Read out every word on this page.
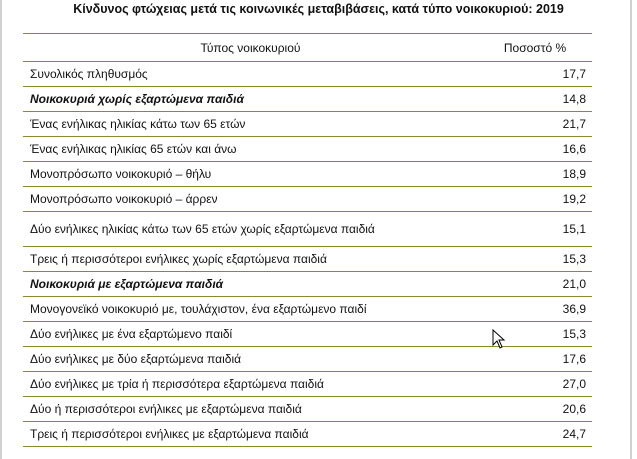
Κίνδυνος φτώχειας μετά τις κοινωνικές μεταβιβάσεις, κατά τύπο νοικοκυριού: 2019
Τύπος νοικοκυριού	Ποσοστό %
Συνολικός πληθυσμός	17,7
Νοικοκυριά χωρίς εξαρτώμενα παιδιά	14,8
Ένας ενήλικας ηλικίας κάτω των 65 ετών	21,7
Ένας ενήλικας ηλικίας 65 ετών και άνω	16,6
Μονοπρόσωπο νοικοκυριό – θήλυ	18,9
Μονοπρόσωπο νοικοκυριό – άρρεν	19,2
Δύο ενήλικες ηλικίας κάτω των 65 ετών χωρίς εξαρτώμενα παιδιά	15,1
Τρεις ή περισσότεροι ενήλικες χωρίς εξαρτώμενα παιδιά	15,3
Νοικοκυριά με εξαρτώμενα παιδιά	21,0
Μονογονεϊκό νοικοκυριό με, τουλάχιστον, ένα εξαρτώμενο παιδί	36,9
Δύο ενήλικες με ένα εξαρτώμενο παιδί	15,3
Δύο ενήλικες με δύο εξαρτώμενα παιδιά	17,6
Δύο ενήλικες με τρία ή περισσότερα εξαρτώμενα παιδιά	27,0
Δύο ή περισσότεροι ενήλικες με εξαρτώμενα παιδιά	20,6
Τρεις ή περισσότεροι ενήλικες με εξαρτώμενα παιδιά	24,7
